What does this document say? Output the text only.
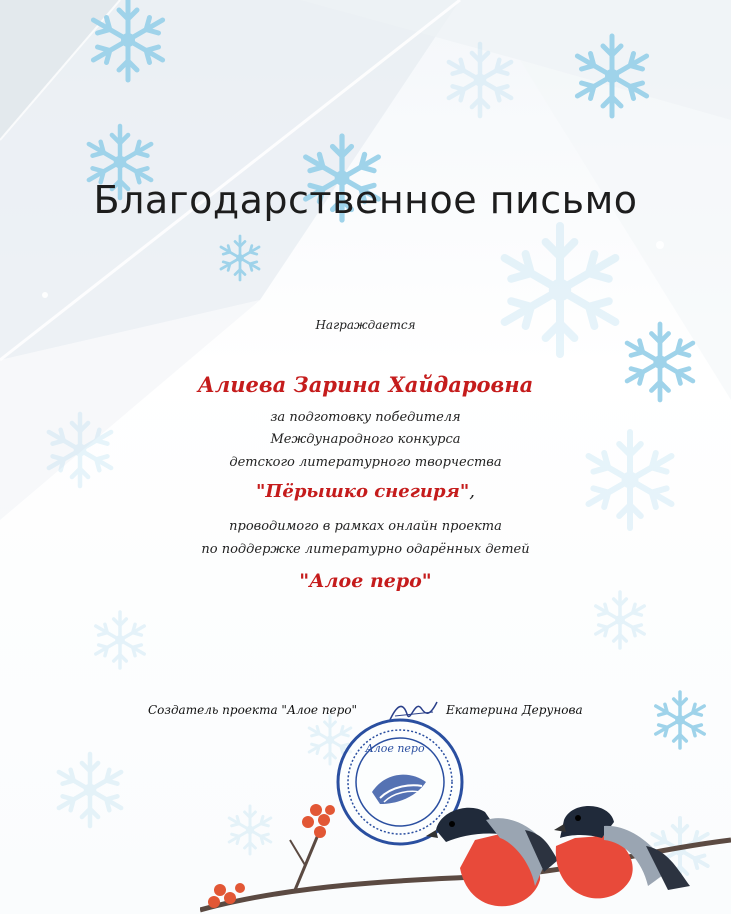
Благодарственное письмо

Награждается

Алиева Зарина Хайдаровна

за подготовку победителя

Международного конкурса

детского литературного творчества

"Пёрышко снегиря",

проводимого в рамках онлайн проекта

по поддержке литературно одарённых детей

"Алое перо"

Создатель проекта "Алое перо"	Екатерина Дерунова

Алое перо
